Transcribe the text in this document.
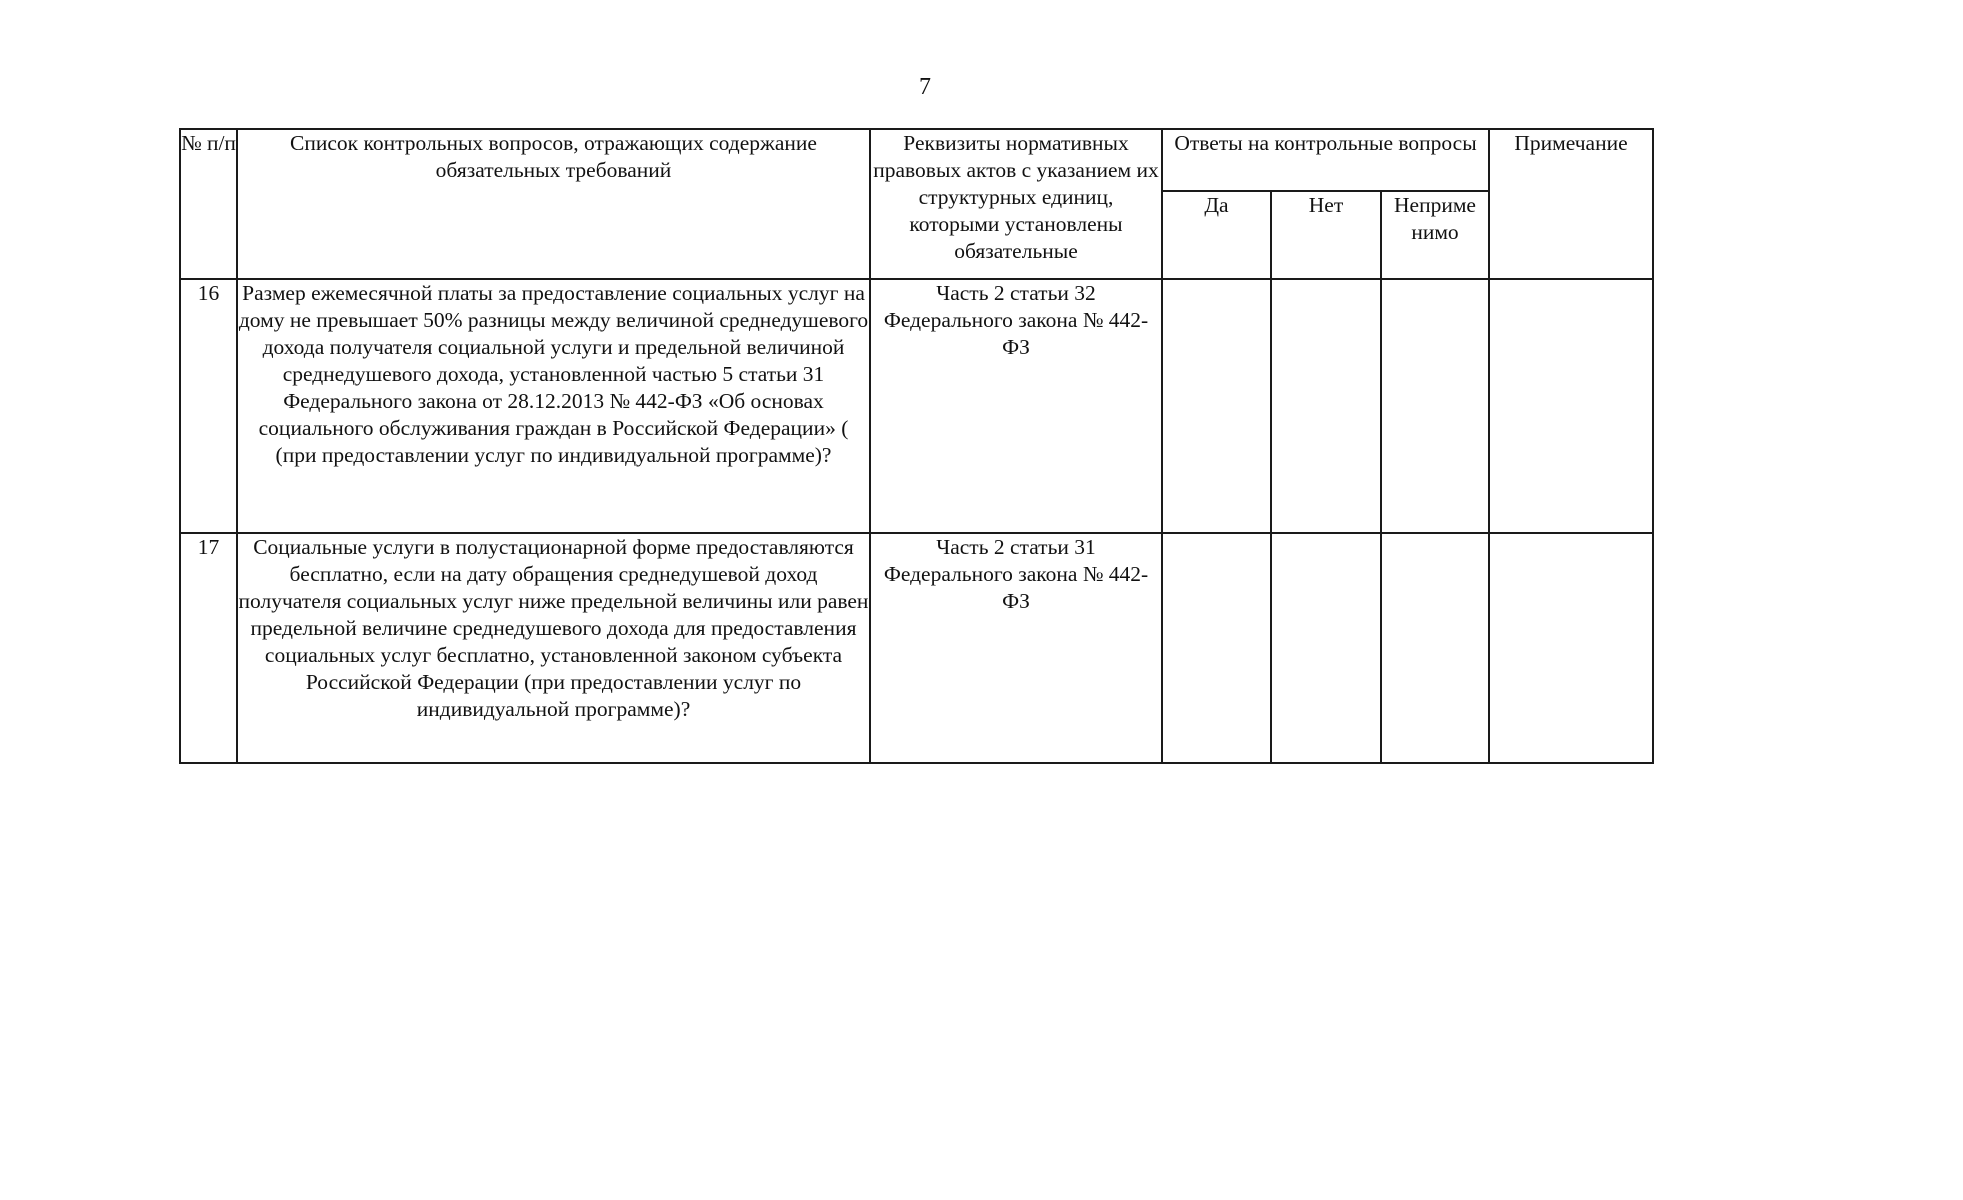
7
№ п/п	Список контрольных вопросов, отражающих содержание обязательных требований	Реквизиты нормативных правовых актов с указанием их структурных единиц, которыми установлены обязательные	Ответы на контрольные вопросы			Примечание
			Да	Нет	Неприме нимо	
16	Размер ежемесячной платы за предоставление социальных услуг на дому не превышает 50% разницы между величиной среднедушевого дохода получателя социальной услуги и предельной величиной среднедушевого дохода, установленной частью 5 статьи 31 Федерального закона от 28.12.2013 № 442-ФЗ «Об основах социального обслуживания граждан в Российской Федерации» ( (при предоставлении услуг по индивидуальной программе)?	Часть 2 статьи 32 Федерального закона № 442-ФЗ				
17	Социальные услуги в полустационарной форме предоставляются бесплатно, если на дату обращения среднедушевой доход получателя социальных услуг ниже предельной величины или равен предельной величине среднедушевого дохода для предоставления социальных услуг бесплатно, установленной законом субъекта Российской Федерации (при предоставлении услуг по индивидуальной программе)?	Часть 2 статьи 31 Федерального закона № 442-ФЗ				
